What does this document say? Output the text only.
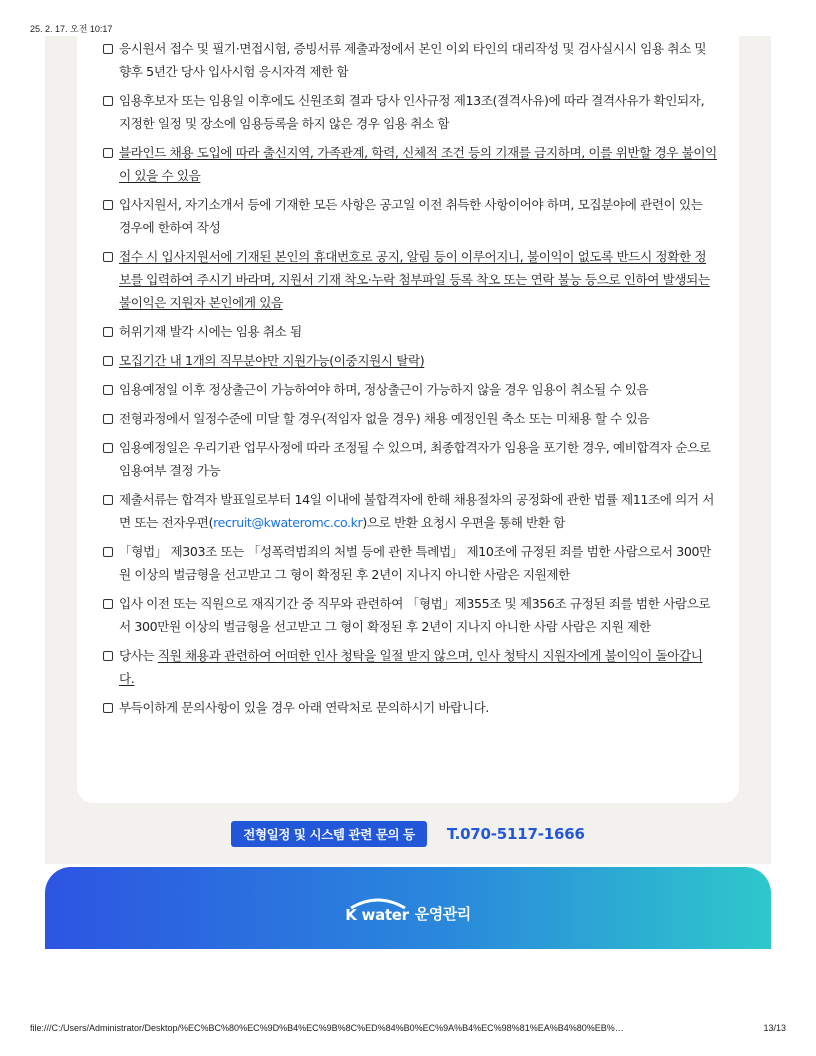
25. 2. 17. 오전 10:17
응시원서 접수 및 필기·면접시험, 증빙서류 제출과정에서 본인 이외 타인의 대리작성 및 검사실시시 임용 취소 및 향후 5년간 당사 입사시험 응시자격 제한 함
임용후보자 또는 임용일 이후에도 신원조회 결과 당사 인사규정 제13조(결격사유)에 따라 결격사유가 확인되자, 지정한 일정 및 장소에 임용등록을 하지 않은 경우 임용 취소 함
블라인드 채용 도입에 따라 출신지역, 가족관계, 학력, 신체적 조건 등의 기재를 금지하며, 이를 위반할 경우 불이익이 있을 수 있음
입사지원서, 자기소개서 등에 기재한 모든 사항은 공고일 이전 취득한 사항이어야 하며, 모집분야에 관련이 있는 경우에 한하여 작성
접수 시 입사지원서에 기재된 본인의 휴대번호로 공지, 알림 등이 이루어지니, 불이익이 없도록 반드시 정확한 정보를 입력하여 주시기 바라며, 지원서 기재 착오·누락 첨부파일 등록 착오 또는 연락 불능 등으로 인하여 발생되는 불이익은 지원자 본인에게 있음
허위기재 발각 시에는 임용 취소 됨
모집기간 내 1개의 직무분야만 지원가능(이중지원시 탈락)
임용예정일 이후 정상출근이 가능하여야 하며, 정상출근이 가능하지 않을 경우 임용이 취소될 수 있음
전형과정에서 일정수준에 미달 할 경우(적임자 없을 경우) 채용 예정인원 축소 또는 미채용 할 수 있음
임용예정일은 우리기관 업무사정에 따라 조정될 수 있으며, 최종합격자가 임용을 포기한 경우, 예비합격자 순으로 임용여부 결정 가능
제출서류는 합격자 발표일로부터 14일 이내에 불합격자에 한해 채용절차의 공정화에 관한 법률 제11조에 의거 서면 또는 전자우편(recruit@kwateromc.co.kr)으로 반환 요청시 우편을 통해 반환 함
「형법」 제303조 또는 「성폭력범죄의 처벌 등에 관한 특례법」 제10조에 규정된 죄를 범한 사람으로서 300만원 이상의 벌금형을 선고받고 그 형이 확정된 후 2년이 지나지 아니한 사람은 지원제한
입사 이전 또는 직원으로 재직기간 중 직무와 관련하여 「형법」제355조 및 제356조 규정된 죄를 범한 사람으로서 300만원 이상의 벌금형을 선고받고 그 형이 확정된 후 2년이 지나지 아니한 사람 사람은 지원 제한
당사는 직원 채용과 관련하여 어떠한 인사 청탁을 일절 받지 않으며, 인사 청탁시 지원자에게 불이익이 돌아갑니다.
부득이하게 문의사항이 있을 경우 아래 연락처로 문의하시기 바랍니다.
전형일정 및 시스템 관련 문의 등	T.070-5117-1666
K water 운영관리
file:///C:/Users/Administrator/Desktop/%EC%BC%80%EC%9D%B4%EC%9B%8C%ED%84%B0%EC%9A%B4%EC%98%81%EA%B4%80%EB%…	13/13
